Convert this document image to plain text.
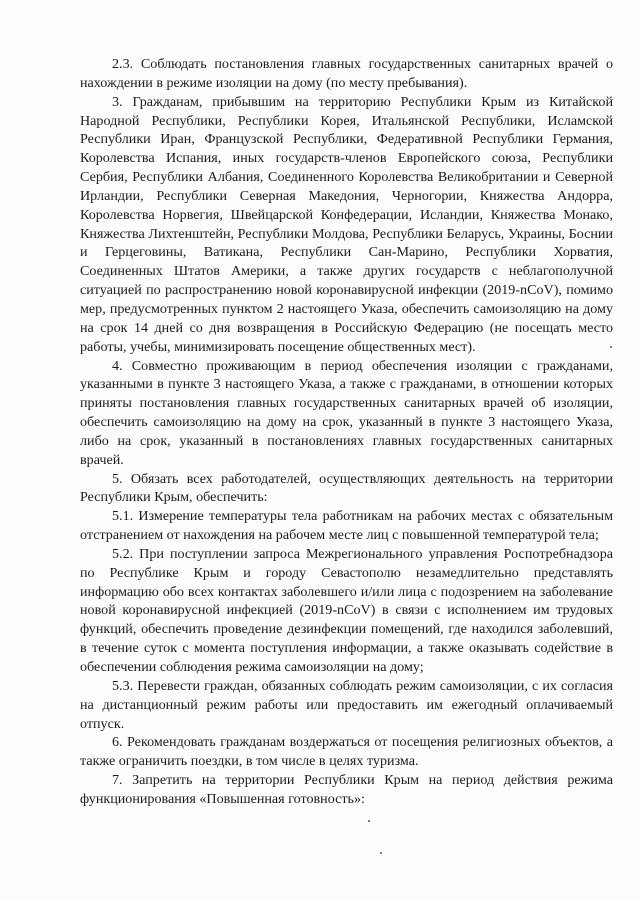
2.3. Соблюдать постановления главных государственных санитарных врачей о нахождении в режиме изоляции на дому (по месту пребывания).

3. Гражданам, прибывшим на территорию Республики Крым из Китайской Народной Республики, Республики Корея, Итальянской Республики, Исламской Республики Иран, Французской Республики, Федеративной Республики Германия, Королевства Испания, иных государств-членов Европейского союза, Республики Сербия, Республики Албания, Соединенного Королевства Великобритании и Северной Ирландии, Республики Северная Македония, Черногории, Княжества Андорра, Королевства Норвегия, Швейцарской Конфедерации, Исландии, Княжества Монако, Княжества Лихтенштейн, Республики Молдова, Республики Беларусь, Украины, Боснии и Герцеговины, Ватикана, Республики Сан-Марино, Республики Хорватия, Соединенных Штатов Америки, а также других государств с неблагополучной ситуацией по распространению новой коронавирусной инфекции (2019-nCoV), помимо мер, предусмотренных пунктом 2 настоящего Указа, обеспечить самоизоляцию на дому на срок 14 дней со дня возвращения в Российскую Федерацию (не посещать место работы, учебы, минимизировать посещение общественных мест).

4. Совместно проживающим в период обеспечения изоляции с гражданами, указанными в пункте 3 настоящего Указа, а также с гражданами, в отношении которых приняты постановления главных государственных санитарных врачей об изоляции, обеспечить самоизоляцию на дому на срок, указанный в пункте 3 настоящего Указа, либо на срок, указанный в постановлениях главных государственных санитарных врачей.

5. Обязать всех работодателей, осуществляющих деятельность на территории Республики Крым, обеспечить:

5.1. Измерение температуры тела работникам на рабочих местах с обязательным отстранением от нахождения на рабочем месте лиц с повышенной температурой тела;

5.2. При поступлении запроса Межрегионального управления Роспотребнадзора по Республике Крым и городу Севастополю незамедлительно представлять информацию обо всех контактах заболевшего и/или лица с подозрением на заболевание новой коронавирусной инфекцией (2019-nCoV) в связи с исполнением им трудовых функций, обеспечить проведение дезинфекции помещений, где находился заболевший, в течение суток с момента поступления информации, а также оказывать содействие в обеспечении соблюдения режима самоизоляции на дому;

5.3. Перевести граждан, обязанных соблюдать режим самоизоляции, с их согласия на дистанционный режим работы или предоставить им ежегодный оплачиваемый отпуск.

6. Рекомендовать гражданам воздержаться от посещения религиозных объектов, а также ограничить поездки, в том числе в целях туризма.

7. Запретить на территории Республики Крым на период действия режима функционирования «Повышенная готовность»:
